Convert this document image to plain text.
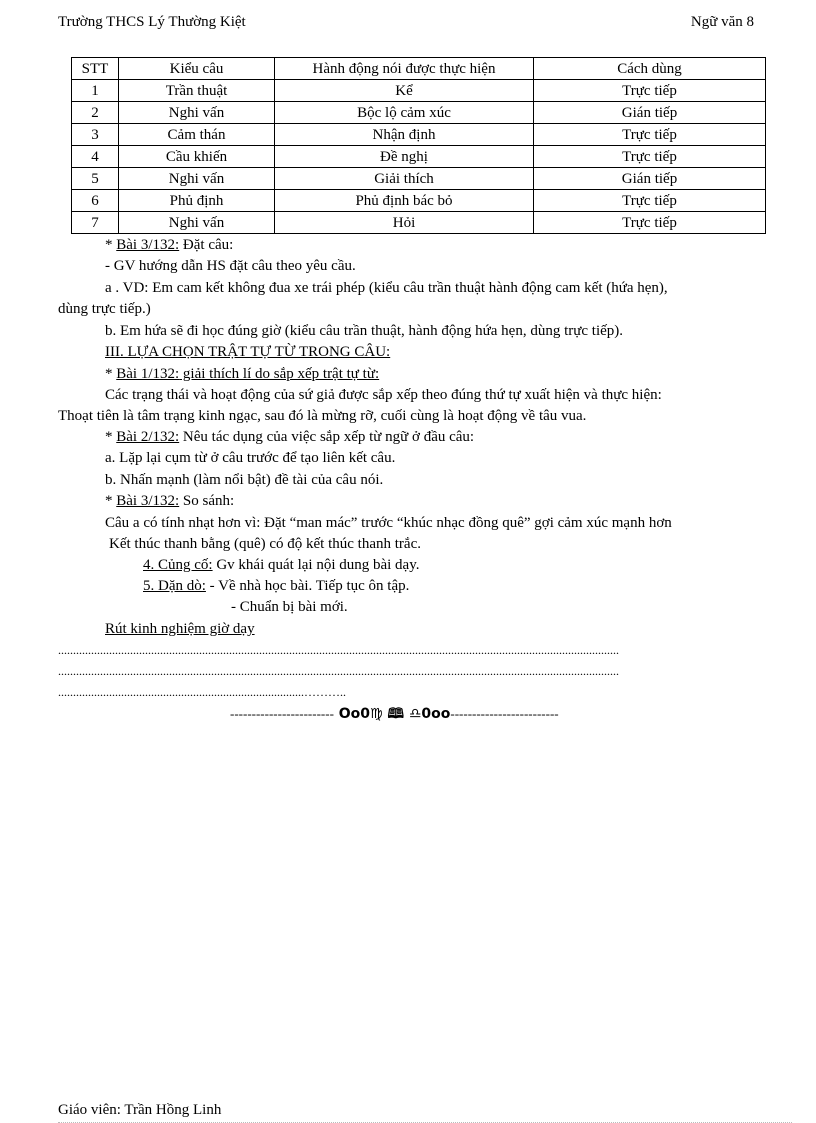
Trường THCS Lý Thường Kiệt	Ngữ văn 8
STT	Kiểu câu	Hành động nói được thực hiện	Cách dùng
1	Trần thuật	Kể	Trực tiếp
2	Nghi vấn	Bộc lộ cảm xúc	Gián tiếp
3	Cảm thán	Nhận định	Trực tiếp
4	Cầu khiến	Đề nghị	Trực tiếp
5	Nghi vấn	Giải thích	Gián tiếp
6	Phủ định	Phủ định bác bỏ	Trực tiếp
7	Nghi vấn	Hỏi	Trực tiếp
* Bài 3/132: Đặt câu:
- GV hướng dẫn HS đặt câu theo yêu cầu.
a . VD: Em cam kết không đua xe trái phép (kiểu câu trần thuật hành động cam kết (hứa hẹn),
dùng trực tiếp.)
b. Em hứa sẽ đi học đúng giờ (kiểu câu trần thuật, hành động hứa hẹn, dùng trực tiếp).
III. LỰA CHỌN TRẬT TỰ TỪ TRONG CÂU:
* Bài 1/132: giải thích lí do sắp xếp trật tự từ:
Các trạng thái và hoạt động của sứ giả được sắp xếp theo đúng thứ tự xuất hiện và thực hiện:
Thoạt tiên là tâm trạng kinh ngạc, sau đó là mừng rỡ, cuối cùng là hoạt động về tâu vua.
* Bài 2/132: Nêu tác dụng của việc sắp xếp từ ngữ ở đầu câu:
a. Lặp lại cụm từ ở câu trước để tạo liên kết câu.
b. Nhấn mạnh (làm nổi bật) đề tài của câu nói.
* Bài 3/132: So sánh:
Câu a có tính nhạt hơn vì: Đặt “man mác” trước “khúc nhạc đồng quê” gợi cảm xúc mạnh hơn
Kết thúc thanh bằng (quê) có độ kết thúc thanh trắc.
4. Củng cố: Gv khái quát lại nội dung bài dạy.
5. Dặn dò: - Về nhà học bài. Tiếp tục ôn tập.
- Chuẩn bị bài mới.
Rút kinh nghiệm giờ dạy
...........................................................................................................................................................................................
...........................................................................................................................................................................................
..................................................................................………..
------------------------ Oo0♍ 🕮 ♎0oo-------------------------
Giáo viên: Trần Hồng Linh
